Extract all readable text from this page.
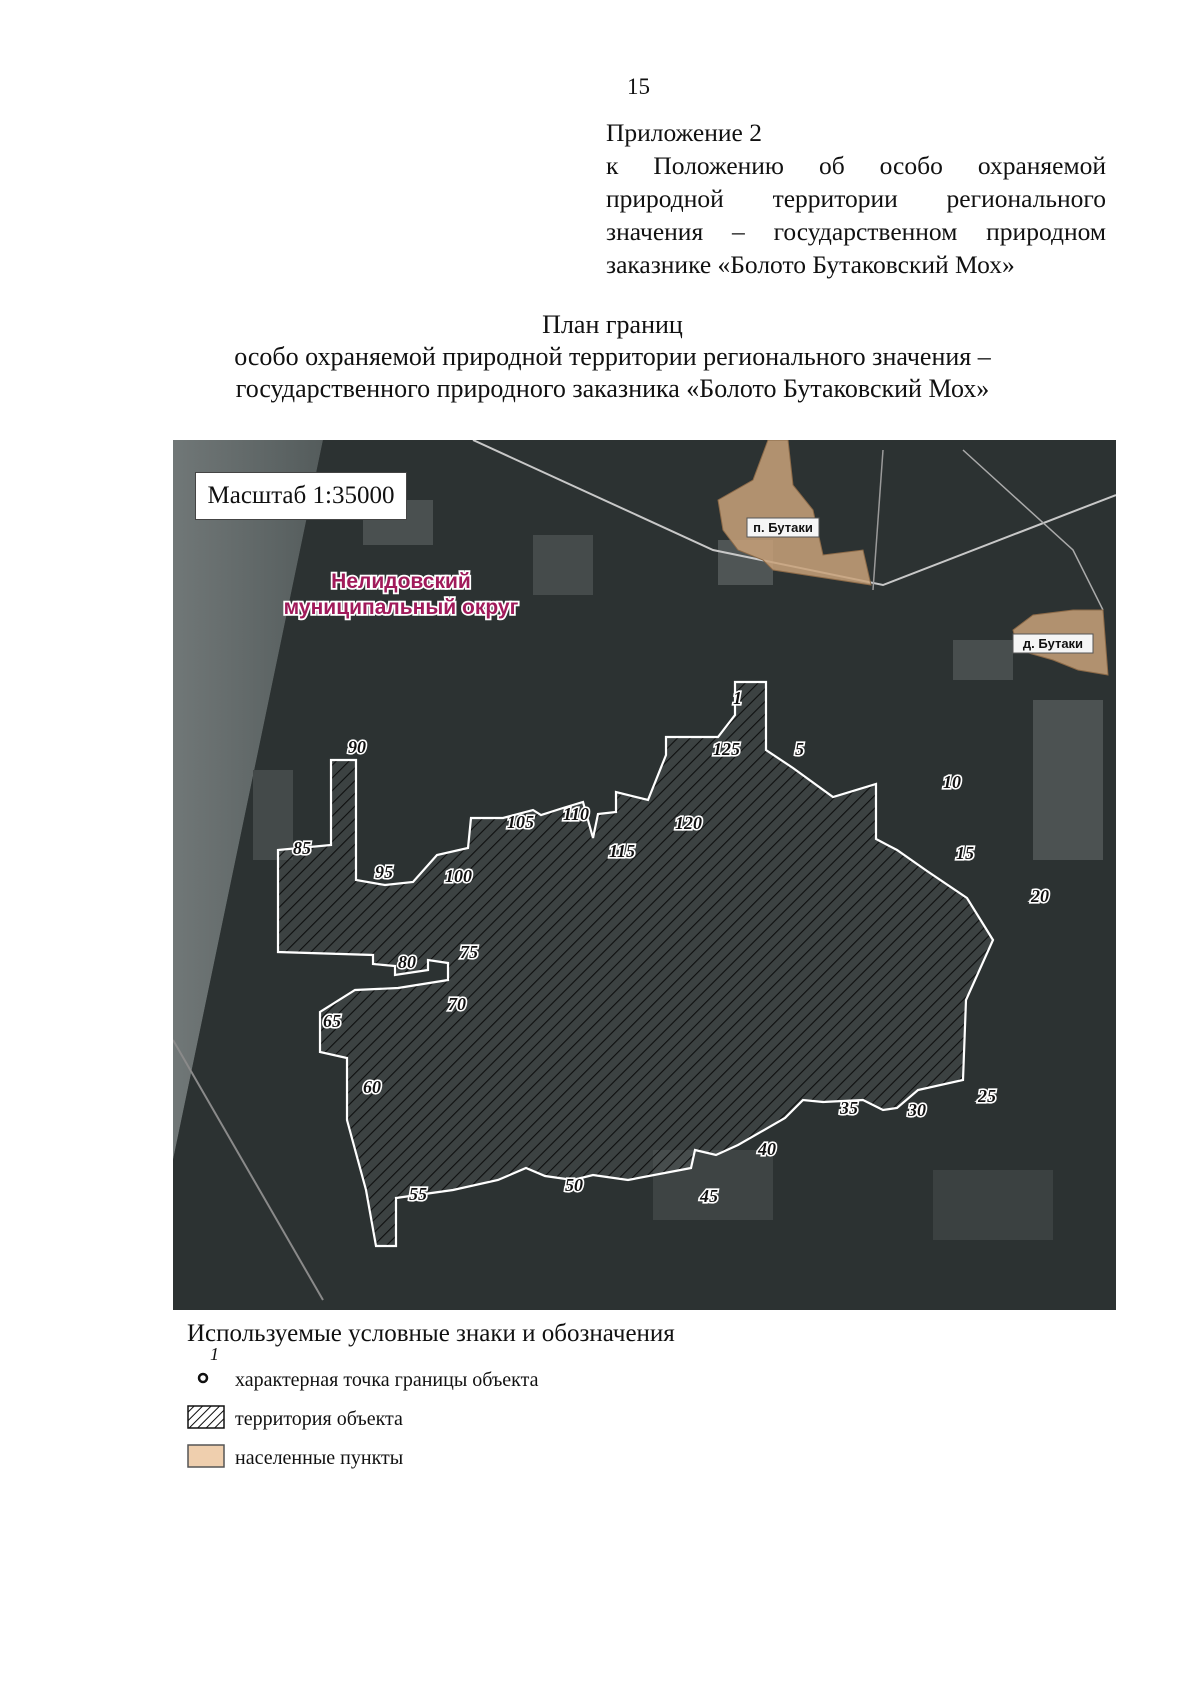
15
Приложение 2
к Положению об особо охраняемой
природной территории регионального
значения – государственном природном
заказнике «Болото Бутаковский Мох»
План границ
особо охраняемой природной территории регионального значения –
государственного природного заказника «Болото Бутаковский Мох»
1
5
10
15
20
25
30
35
40
45
50
55
60
65
70
75
80
85
90
95	100
105 110
115
120
125
п. Бутаки
д. Бутаки
Нелидовский
муниципальный округ
Масштаб 1:35000
Используемые условные знаки и обозначения
1
характерная точка границы объекта
территория объекта
населенные пункты
